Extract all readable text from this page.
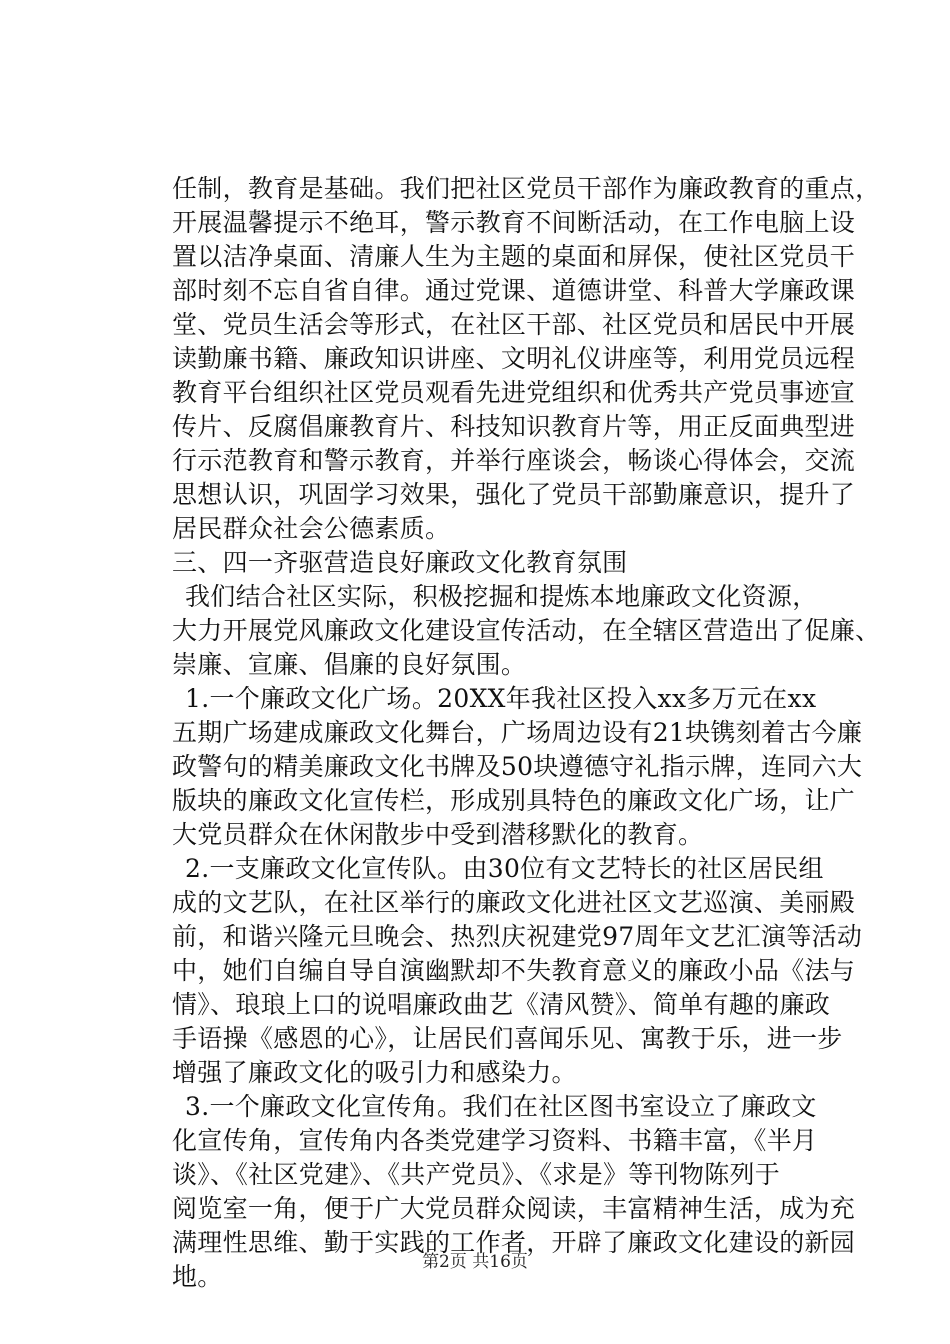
任制，教育是基础。我们把社区党员干部作为廉政教育的重点，
开展温馨提示不绝耳，警示教育不间断活动，在工作电脑上设
置以洁净桌面、清廉人生为主题的桌面和屏保，使社区党员干
部时刻不忘自省自律。通过党课、道德讲堂、科普大学廉政课
堂、党员生活会等形式，在社区干部、社区党员和居民中开展
读勤廉书籍、廉政知识讲座、文明礼仪讲座等，利用党员远程
教育平台组织社区党员观看先进党组织和优秀共产党员事迹宣
传片、反腐倡廉教育片、科技知识教育片等，用正反面典型进
行示范教育和警示教育，并举行座谈会，畅谈心得体会，交流
思想认识，巩固学习效果，强化了党员干部勤廉意识，提升了
居民群众社会公德素质。
三、四一齐驱营造良好廉政文化教育氛围
我们结合社区实际，积极挖掘和提炼本地廉政文化资源，
大力开展党风廉政文化建设宣传活动，在全辖区营造出了促廉、
崇廉、宣廉、倡廉的良好氛围。
1.一个廉政文化广场。20XX年我社区投入xx多万元在xx
五期广场建成廉政文化舞台，广场周边设有21块镌刻着古今廉
政警句的精美廉政文化书牌及50块遵德守礼指示牌，连同六大
版块的廉政文化宣传栏，形成别具特色的廉政文化广场，让广
大党员群众在休闲散步中受到潜移默化的教育。
2.一支廉政文化宣传队。由30位有文艺特长的社区居民组
成的文艺队，在社区举行的廉政文化进社区文艺巡演、美丽殿
前，和谐兴隆元旦晚会、热烈庆祝建党97周年文艺汇演等活动
中，她们自编自导自演幽默却不失教育意义的廉政小品《法与
情》、琅琅上口的说唱廉政曲艺《清风赞》、简单有趣的廉政
手语操《感恩的心》，让居民们喜闻乐见、寓教于乐，进一步
增强了廉政文化的吸引力和感染力。
3.一个廉政文化宣传角。我们在社区图书室设立了廉政文
化宣传角，宣传角内各类党建学习资料、书籍丰富，《半月
谈》、《社区党建》、《共产党员》、《求是》等刊物陈列于
阅览室一角，便于广大党员群众阅读，丰富精神生活，成为充
满理性思维、勤于实践的工作者，开辟了廉政文化建设的新园
地。	第2页 共16页
